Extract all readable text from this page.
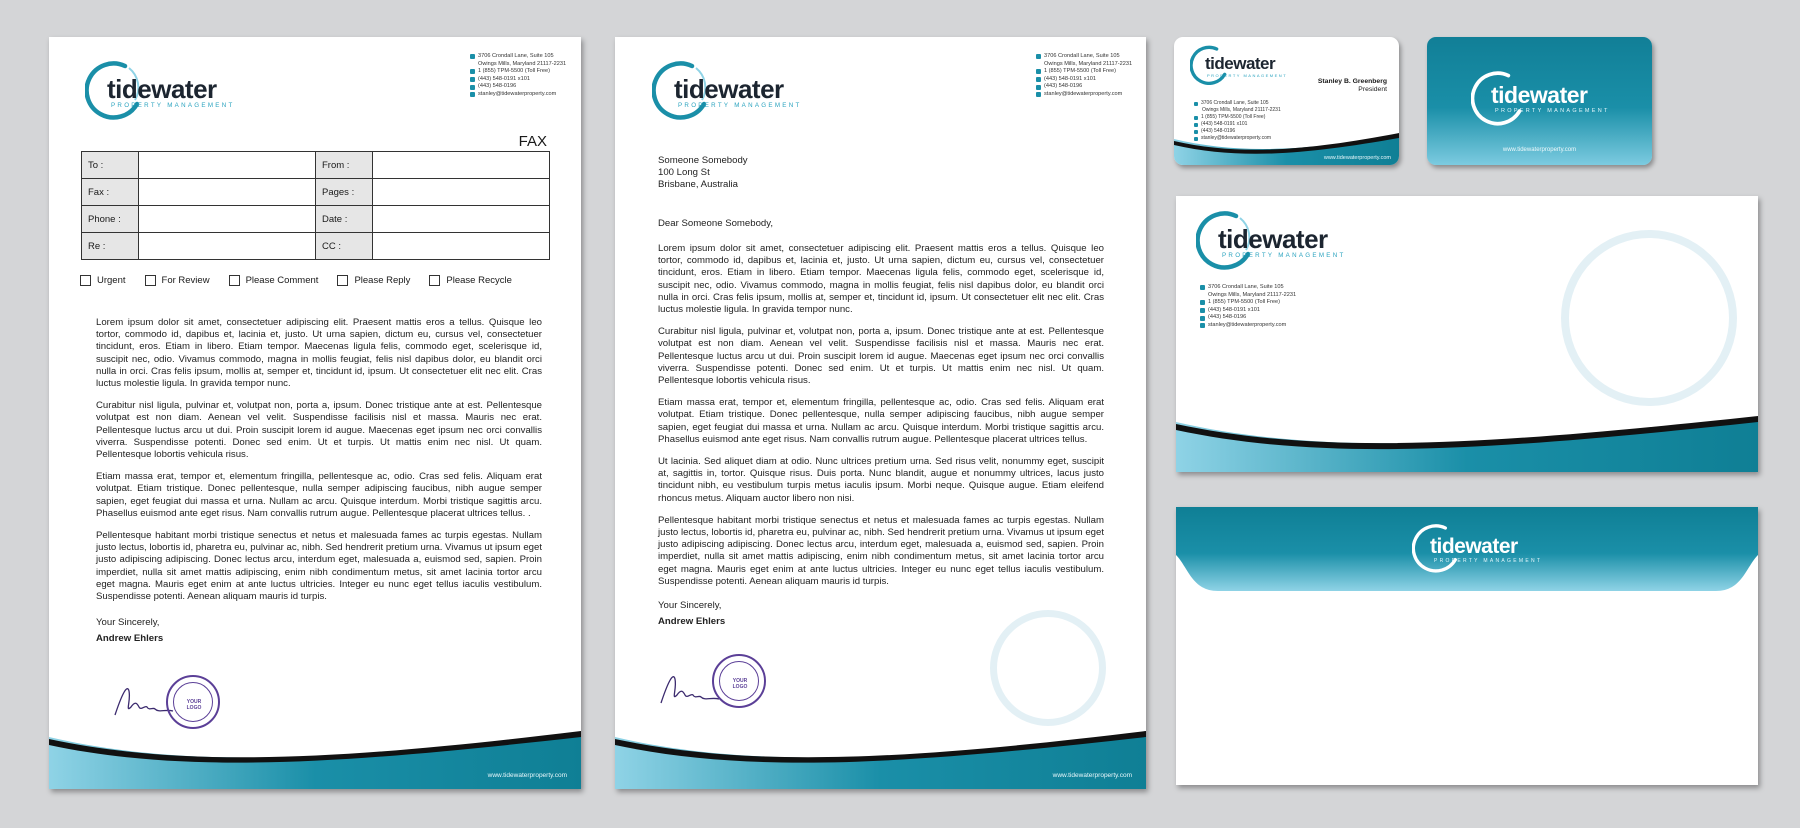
tidewater
PROPERTY MANAGEMENT
3706 Crondall Lane, Suite 105
Owings Mills, Maryland 21117-2231
1 (855) TPM-5500 (Toll Free)
(443) 548-0191 x101
(443) 548-0196
stanley@tidewaterproperty.com
FAX
To :		From :	
Fax :		Pages :	
Phone :		Date :	
Re :		CC :	
Urgent	For Review	Please Comment	Please Reply	Please Recycle

Lorem ipsum dolor sit amet, consectetuer adipiscing elit. Praesent mattis eros a tellus. Quisque leo tortor, commodo id, dapibus et, lacinia et, justo. Ut urna sapien, dictum eu, cursus vel, consectetuer tincidunt, eros. Etiam in libero. Etiam tempor. Maecenas ligula felis, commodo eget, scelerisque id, suscipit nec, odio. Vivamus commodo, magna in mollis feugiat, felis nisl dapibus dolor, eu blandit orci nulla in orci. Cras felis ipsum, mollis at, semper et, tincidunt id, ipsum. Ut consectetuer elit nec elit. Cras luctus molestie ligula. In gravida tempor nunc.

Curabitur nisl ligula, pulvinar et, volutpat non, porta a, ipsum. Donec tristique ante at est. Pellentesque volutpat est non diam. Aenean vel velit. Suspendisse facilisis nisl et massa. Mauris nec erat. Pellentesque luctus arcu ut dui. Proin suscipit lorem id augue. Maecenas eget ipsum nec orci convallis viverra. Suspendisse potenti. Donec sed enim. Ut et turpis. Ut mattis enim nec nisl. Ut quam. Pellentesque lobortis vehicula risus.

Etiam massa erat, tempor et, elementum fringilla, pellentesque ac, odio. Cras sed felis. Aliquam erat volutpat. Etiam tristique. Donec pellentesque, nulla semper adipiscing faucibus, nibh augue semper sapien, eget feugiat dui massa et urna. Nullam ac arcu. Quisque interdum. Morbi tristique sagittis arcu. Phasellus euismod ante eget risus. Nam convallis rutrum augue. Pellentesque placerat ultrices tellus. .

Pellentesque habitant morbi tristique senectus et netus et malesuada fames ac turpis egestas. Nullam justo lectus, lobortis id, pharetra eu, pulvinar ac, nibh. Sed hendrerit pretium urna. Vivamus ut ipsum eget justo adipiscing adipiscing. Donec lectus arcu, interdum eget, malesuada a, euismod sed, sapien. Proin imperdiet, nulla sit amet mattis adipiscing, enim nibh condimentum metus, sit amet lacinia tortor arcu eget magna. Mauris eget enim at ante luctus ultricies. Integer eu nunc eget tellus iaculis vestibulum. Suspendisse potenti. Aenean aliquam mauris id turpis.

Your Sincerely,

Andrew Ehlers

YOUR LOGO
www.tidewaterproperty.com
tidewater
PROPERTY MANAGEMENT
3706 Crondall Lane, Suite 105
Owings Mills, Maryland 21117-2231
1 (855) TPM-5500 (Toll Free)
(443) 548-0191 x101
(443) 548-0196
stanley@tidewaterproperty.com
Someone Somebody
100 Long St
Brisbane, Australia
Dear Someone Somebody,

Lorem ipsum dolor sit amet, consectetuer adipiscing elit. Praesent mattis eros a tellus. Quisque leo tortor, commodo id, dapibus et, lacinia et, justo. Ut urna sapien, dictum eu, cursus vel, consectetuer tincidunt, eros. Etiam in libero. Etiam tempor. Maecenas ligula felis, commodo eget, scelerisque id, suscipit nec, odio. Vivamus commodo, magna in mollis feugiat, felis nisl dapibus dolor, eu blandit orci nulla in orci. Cras felis ipsum, mollis at, semper et, tincidunt id, ipsum. Ut consectetuer elit nec elit. Cras luctus molestie ligula. In gravida tempor nunc.

Curabitur nisl ligula, pulvinar et, volutpat non, porta a, ipsum. Donec tristique ante at est. Pellentesque volutpat est non diam. Aenean vel velit. Suspendisse facilisis nisl et massa. Mauris nec erat. Pellentesque luctus arcu ut dui. Proin suscipit lorem id augue. Maecenas eget ipsum nec orci convallis viverra. Suspendisse potenti. Donec sed enim. Ut et turpis. Ut mattis enim nec nisl. Ut quam. Pellentesque lobortis vehicula risus.

Etiam massa erat, tempor et, elementum fringilla, pellentesque ac, odio. Cras sed felis. Aliquam erat volutpat. Etiam tristique. Donec pellentesque, nulla semper adipiscing faucibus, nibh augue semper sapien, eget feugiat dui massa et urna. Nullam ac arcu. Quisque interdum. Morbi tristique sagittis arcu. Phasellus euismod ante eget risus. Nam convallis rutrum augue. Pellentesque placerat ultrices tellus.

Ut lacinia. Sed aliquet diam at odio. Nunc ultrices pretium urna. Sed risus velit, nonummy eget, suscipit at, sagittis in, tortor. Quisque risus. Duis porta. Nunc blandit, augue et nonummy ultrices, lacus justo tincidunt nibh, eu vestibulum turpis metus iaculis ipsum. Morbi neque. Quisque augue. Etiam eleifend rhoncus metus. Aliquam auctor libero non nisi.

Pellentesque habitant morbi tristique senectus et netus et malesuada fames ac turpis egestas. Nullam justo lectus, lobortis id, pharetra eu, pulvinar ac, nibh. Sed hendrerit pretium urna. Vivamus ut ipsum eget justo adipiscing adipiscing. Donec lectus arcu, interdum eget, malesuada a, euismod sed, sapien. Proin imperdiet, nulla sit amet mattis adipiscing, enim nibh condimentum metus, sit amet lacinia tortor arcu eget magna. Mauris eget enim at ante luctus ultricies. Integer eu nunc eget tellus iaculis vestibulum. Suspendisse potenti. Aenean aliquam mauris id turpis.

Your Sincerely,

Andrew Ehlers

YOUR LOGO
www.tidewaterproperty.com
tidewater
PROPERTY MANAGEMENT
Stanley B. Greenberg
President
3706 Crondall Lane, Suite 105
Owings Mills, Maryland 21117-2231
1 (855) TPM-5500 (Toll Free)
(443) 548-0191 x101
(443) 548-0196
stanley@tidewaterproperty.com
www.tidewaterproperty.com
tidewater
PROPERTY MANAGEMENT
www.tidewaterproperty.com
tidewater
PROPERTY MANAGEMENT
3706 Crondall Lane, Suite 105
Owings Mills, Maryland 21117-2231
1 (855) TPM-5500 (Toll Free)
(443) 548-0191 x101
(443) 548-0196
stanley@tidewaterproperty.com
tidewater
PROPERTY MANAGEMENT
